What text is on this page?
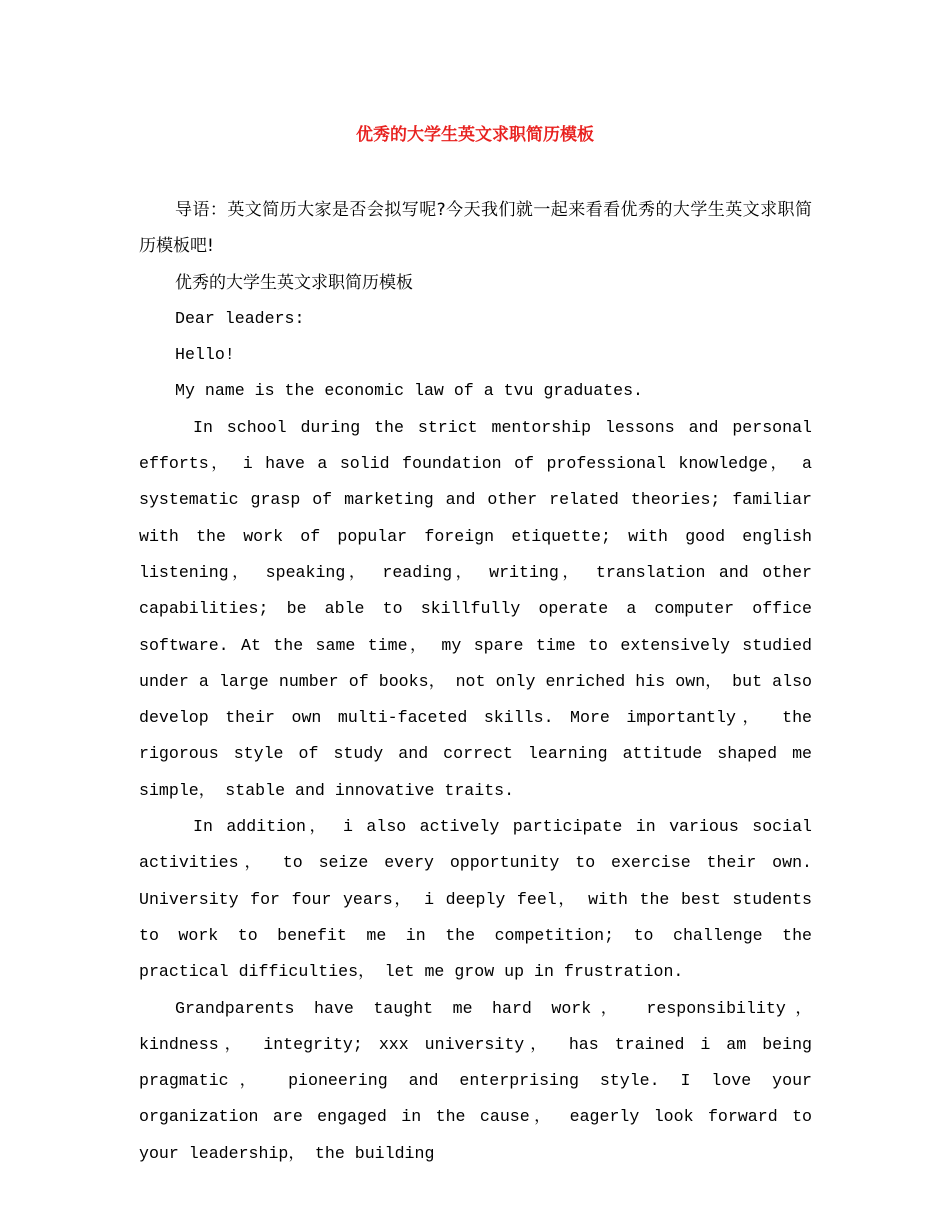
优秀的大学生英文求职简历模板

导语：英文简历大家是否会拟写呢?今天我们就一起来看看优秀的大学生英文求职简历模板吧!

优秀的大学生英文求职简历模板

Dear leaders:

Hello!

My name is the economic law of a tvu graduates.

In school during the strict mentorship lessons and personal efforts， i have a solid foundation of professional knowledge， a systematic grasp of marketing and other related theories; familiar with the work of popular foreign etiquette; with good english listening， speaking， reading， writing， translation and other capabilities; be able to skillfully operate a computer office software. At the same time， my spare time to extensively studied under a large number of books， not only enriched his own， but also develop their own multi-faceted skills. More importantly， the rigorous style of study and correct learning attitude shaped me simple， stable and innovative traits.

In addition， i also actively participate in various social activities， to seize every opportunity to exercise their own. University for four years， i deeply feel， with the best students to work to benefit me in the competition; to challenge the practical difficulties， let me grow up in frustration.

Grandparents have taught me hard work， responsibility， kindness， integrity; xxx university， has trained i am being pragmatic， pioneering and enterprising style. I love your organization are engaged in the cause， eagerly look forward to your leadership， the building
